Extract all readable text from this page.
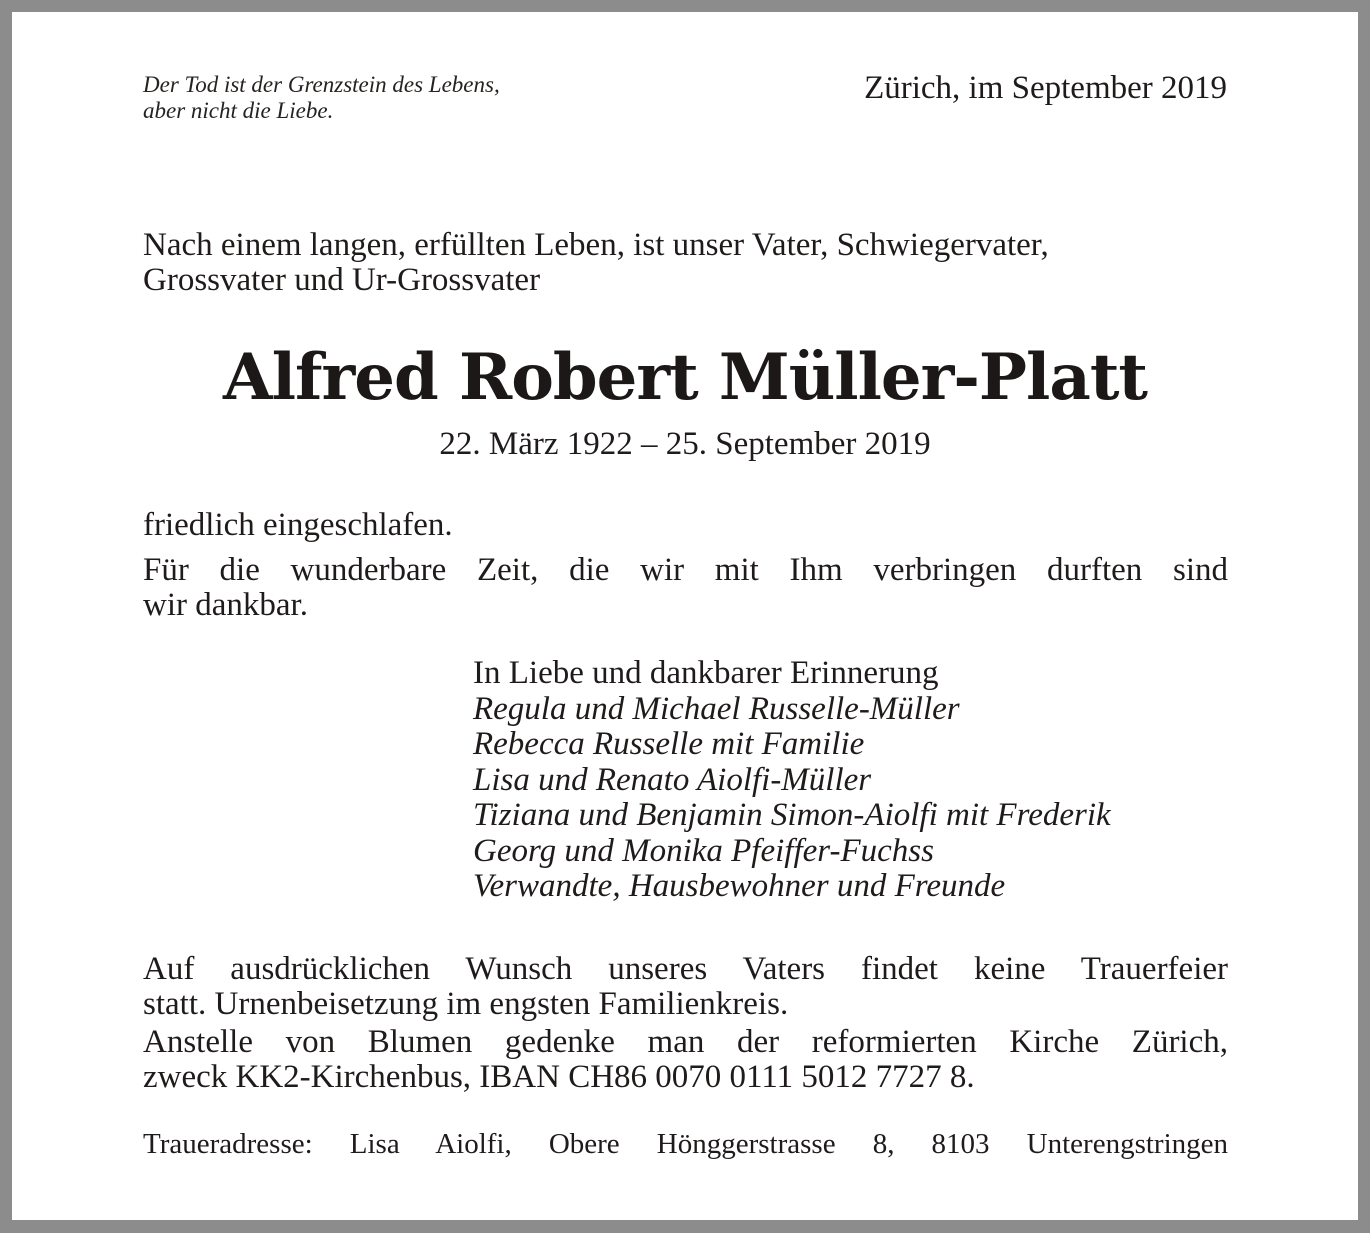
Der Tod ist der Grenzstein des Lebens,
aber nicht die Liebe.
Zürich, im September 2019
Nach einem langen, erfüllten Leben, ist unser Vater, Schwiegervater,
Grossvater und Ur-Grossvater
Alfred Robert Müller-Platt
22. März 1922 – 25. September 2019
friedlich eingeschlafen.
Für die wunderbare Zeit, die wir mit Ihm verbringen durften sind
wir dankbar.
In Liebe und dankbarer Erinnerung
Regula und Michael Russelle-Müller
Rebecca Russelle mit Familie
Lisa und Renato Aiolfi-Müller
Tiziana und Benjamin Simon-Aiolfi mit Frederik
Georg und Monika Pfeiffer-Fuchss
Verwandte, Hausbewohner und Freunde
Auf ausdrücklichen Wunsch unseres Vaters findet keine Trauerfeier
statt. Urnenbeisetzung im engsten Familienkreis.
Anstelle von Blumen gedenke man der reformierten Kirche Zürich,
zweck KK2-Kirchenbus, IBAN CH86 0070 0111 5012 7727 8.
Traueradresse: Lisa Aiolfi, Obere Hönggerstrasse 8, 8103 Unterengstringen
